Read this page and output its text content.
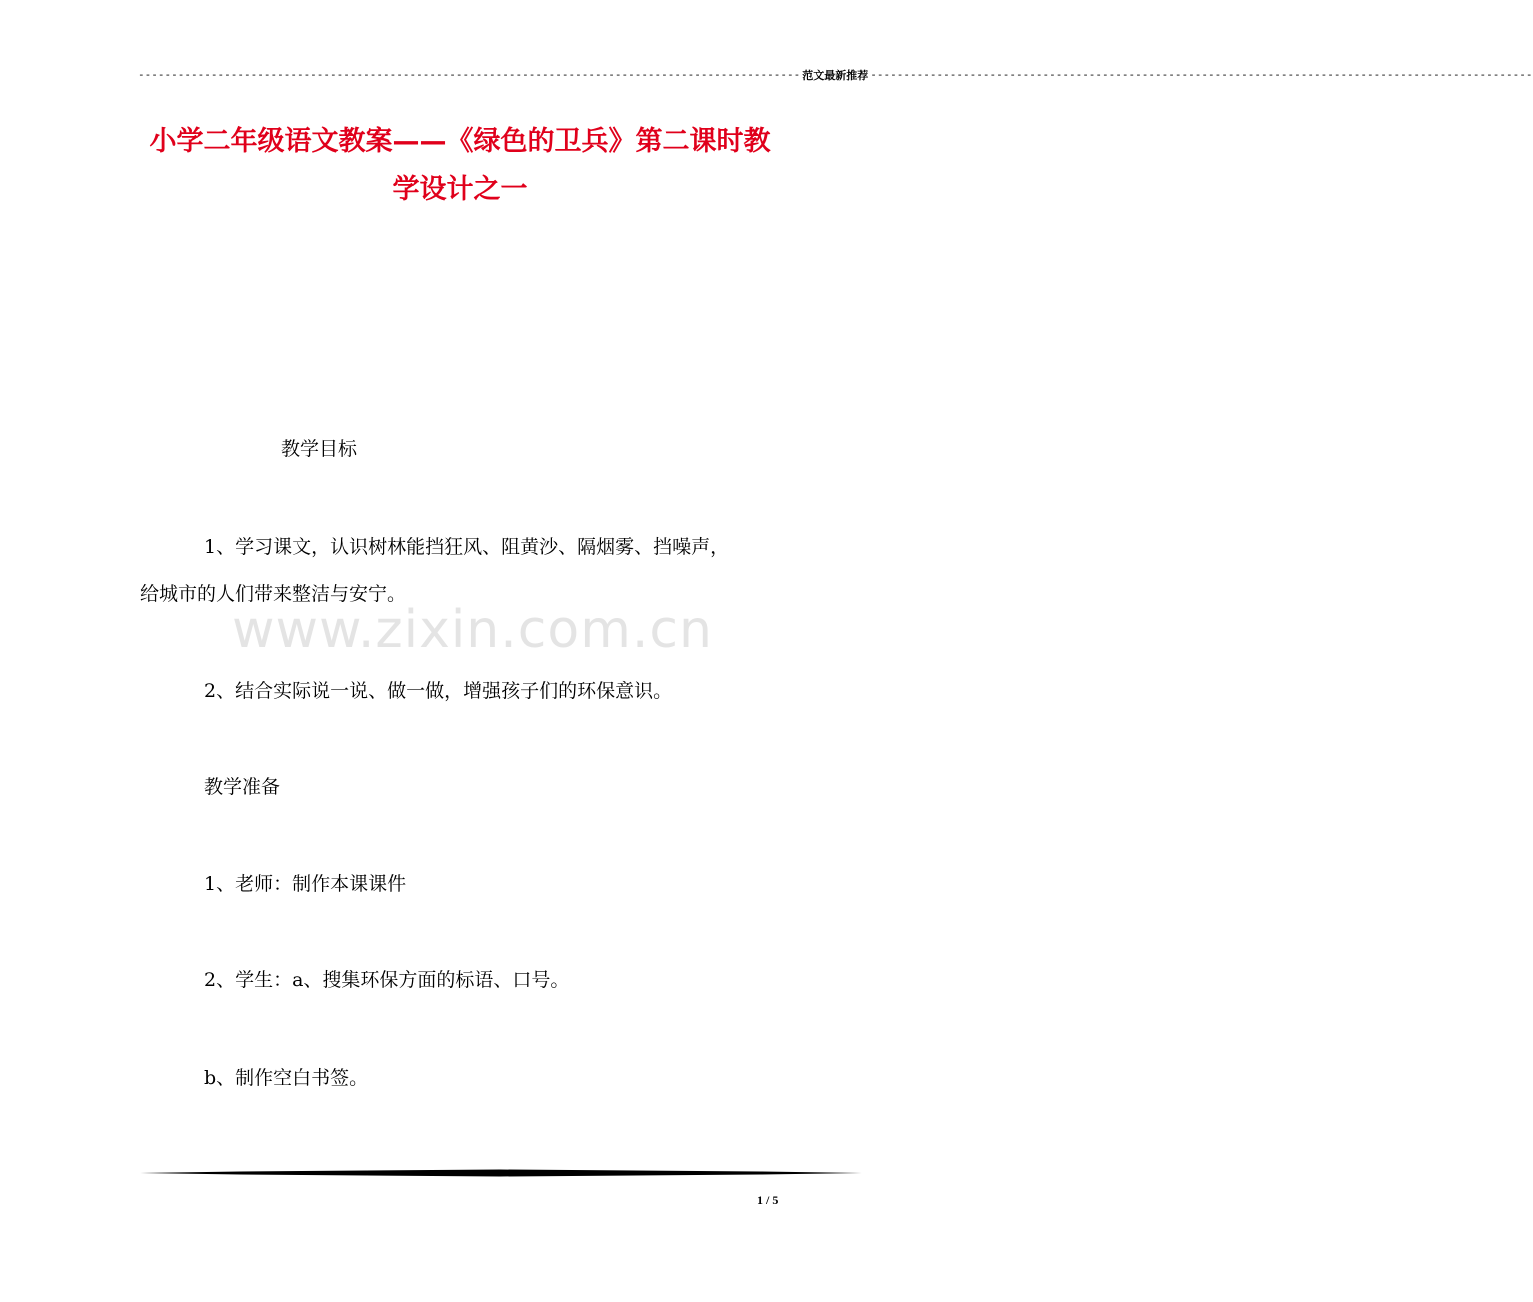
---------------------------------------------------------------------------------------------------- 范文最新推荐 ----------------------------------------------------------------------------------------------------
小学二年级语文教案——《绿色的卫兵》第二课时教
学设计之一
www.zixin.com.cn
教学目标
1、学习课文，认识树林能挡狂风、阻黄沙、隔烟雾、挡噪声，
给城市的人们带来整洁与安宁。
2、结合实际说一说、做一做，增强孩子们的环保意识。
教学准备
1、老师：制作本课课件
2、学生：a、搜集环保方面的标语、口号。
b、制作空白书签。
1 / 5
